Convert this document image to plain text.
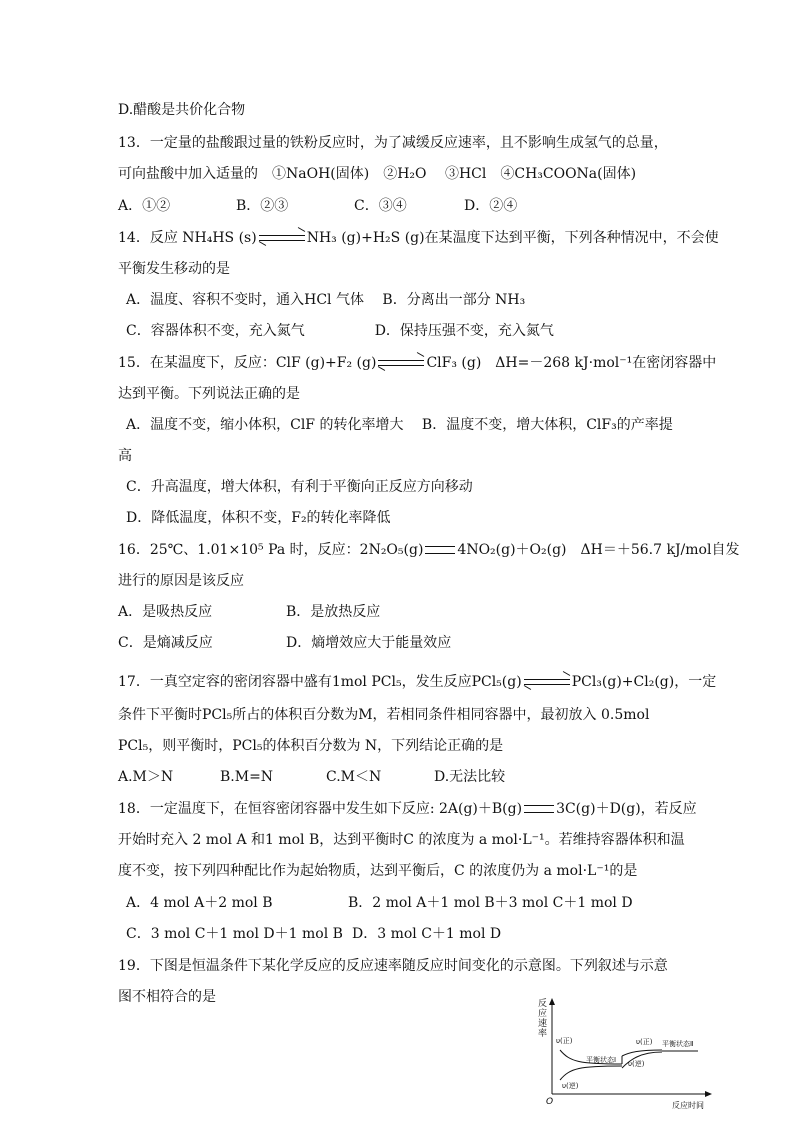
D.醋酸是共价化合物
13．一定量的盐酸跟过量的铁粉反应时，为了减缓反应速率，且不影响生成氢气的总量，
可向盐酸中加入适量的　①NaOH(固体)　②H₂O　 ③HCl　④CH₃COONa(固体)
A．①②	B．②③	C．③④	D．②④
14．反应 NH₄HS (s) ⇌ NH₃ (g)+H₂S (g)在某温度下达到平衡，下列各种情况中，不会使
平衡发生移动的是
A．温度、容积不变时，通入HCl 气体　 B．分离出一部分 NH₃
C．容器体积不变，充入氮气　　　　　D．保持压强不变，充入氮气
15．在某温度下，反应：ClF (g)+F₂ (g) ⇌ ClF₃ (g)　ΔH=－268 kJ·mol⁻¹在密闭容器中
达到平衡。下列说法正确的是
A．温度不变，缩小体积，ClF 的转化率增大　 B．温度不变，增大体积，ClF₃的产率提
高
C．升高温度，增大体积，有利于平衡向正反应方向移动
D．降低温度，体积不变，F₂的转化率降低
16．25℃、1.01×10⁵ Pa 时，反应：2N₂O₅(g) 4NO₂(g)＋O₂(g)　ΔH＝＋56.7 kJ/mol自发
进行的原因是该反应
A．是吸热反应	B．是放热反应
C．是熵减反应	D．熵增效应大于能量效应
17．一真空定容的密闭容器中盛有1mol PCl₅，发生反应PCl₅(g) ⇌ PCl₃(g)+Cl₂(g)，一定
条件下平衡时PCl₅所占的体积百分数为M，若相同条件相同容器中，最初放入 0.5mol
PCl₅，则平衡时，PCl₅的体积百分数为 N，下列结论正确的是
A.M＞N	B.M=N	C.M＜N	D.无法比较
18．一定温度下，在恒容密闭容器中发生如下反应: 2A(g)＋B(g) 3C(g)＋D(g)，若反应
开始时充入 2 mol A 和1 mol B，达到平衡时C 的浓度为 a mol·L⁻¹。若维持容器体积和温
度不变，按下列四种配比作为起始物质，达到平衡后，C 的浓度仍为 a mol·L⁻¹的是
A．4 mol A＋2 mol B	B．2 mol A＋1 mol B＋3 mol C＋1 mol D
C．3 mol C＋1 mol D＋1 mol B D．3 mol C＋1 mol D
19．下图是恒温条件下某化学反应的反应速率随反应时间变化的示意图。下列叙述与示意
图不相符合的是	反
应
速
率
O	反应时间
υ(正)
υ(逆)
平衡状态Ⅰ
υ(正)
υ(逆)
平衡状态Ⅱ
